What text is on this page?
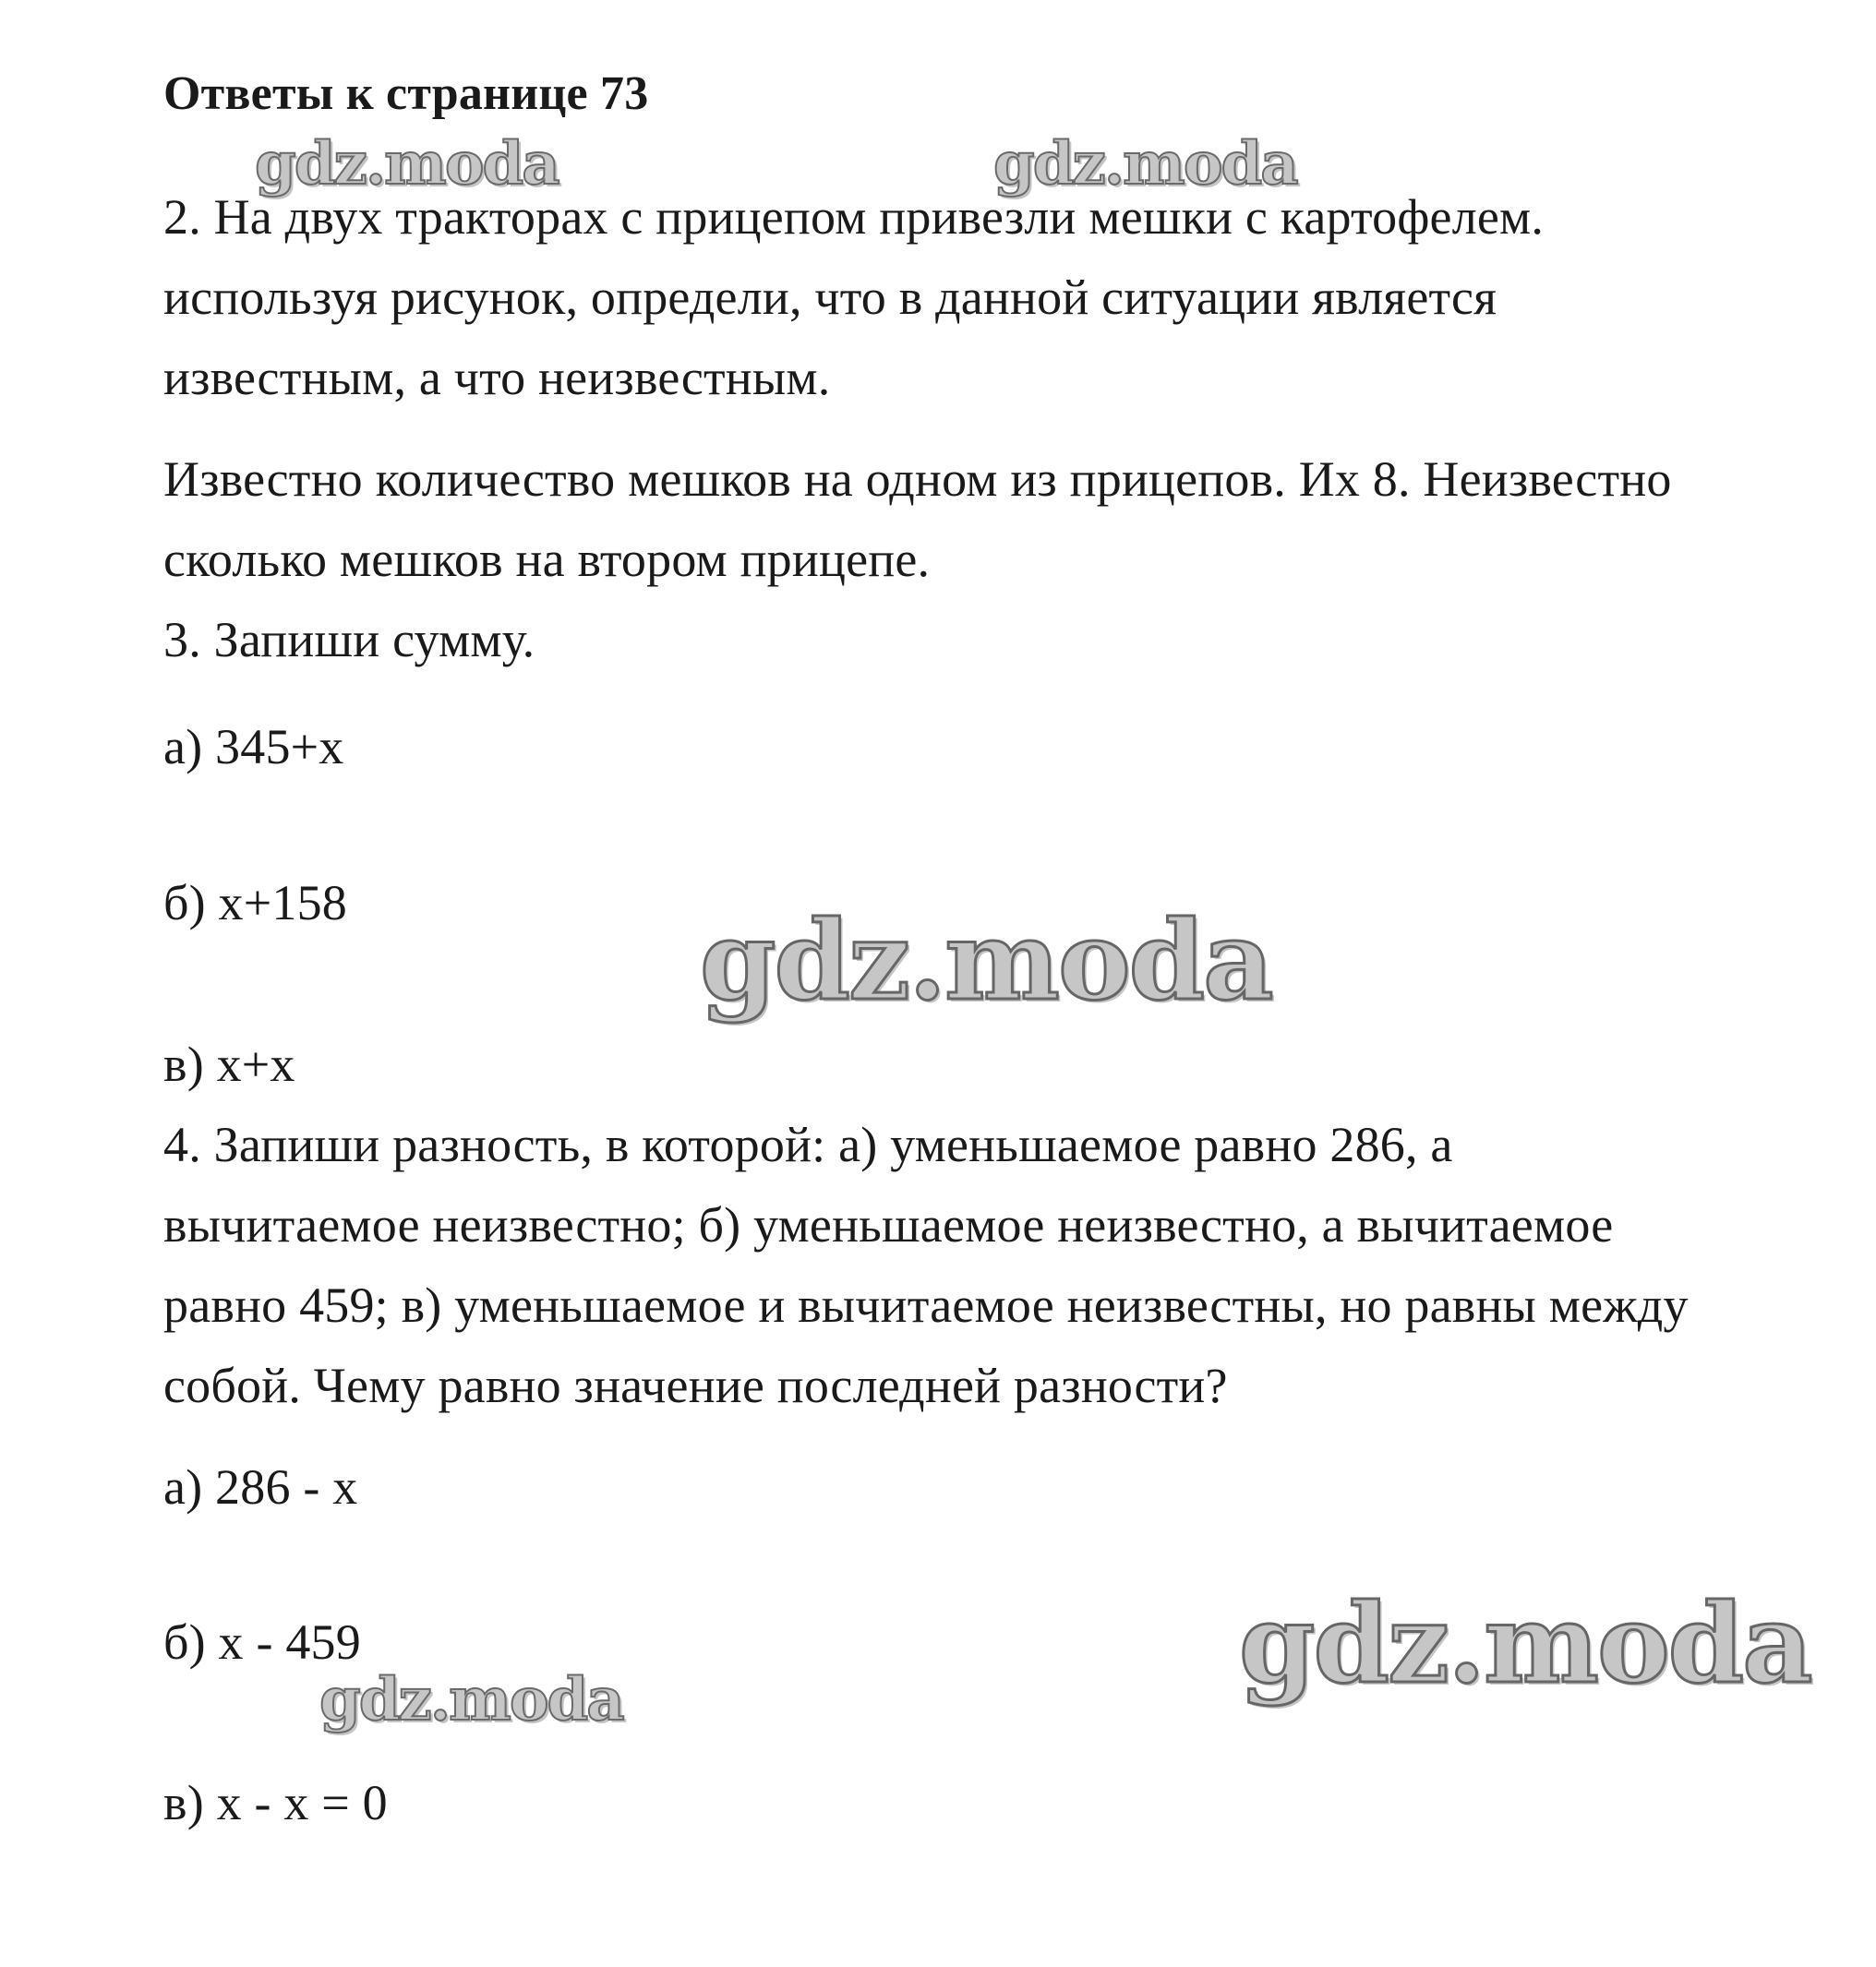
Ответы к странице 73
2. На двух тракторах с прицепом привезли мешки с картофелем.
используя рисунок, определи, что в данной ситуации является
известным, а что неизвестным.
Известно количество мешков на одном из прицепов. Их 8. Неизвестно
сколько мешков на втором прицепе.
3. Запиши сумму.
а) 345+х
б) х+158
в) х+х
4. Запиши разность, в которой: а) уменьшаемое равно 286, а
вычитаемое неизвестно; б) уменьшаемое неизвестно, а вычитаемое
равно 459; в) уменьшаемое и вычитаемое неизвестны, но равны между
собой. Чему равно значение последней разности?
а) 286 - х
б) х - 459
в) х - х = 0
gdz.moda	gdz.moda
gdz.moda
gdz.moda
gdz.moda
